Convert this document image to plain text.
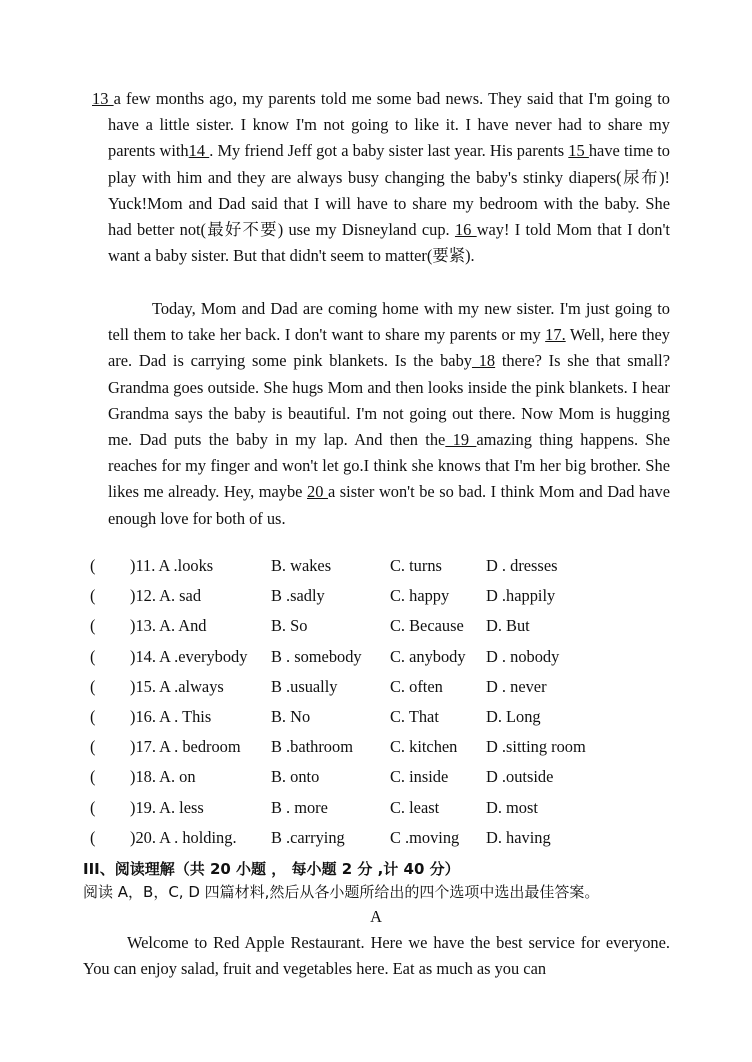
13 a few months ago, my parents told me some bad news. They said that I'm going to have a little sister. I know I'm not going to like it. I have never had to share my parents with14 . My friend Jeff got a baby sister last year. His parents 15 have time to play with him and they are always busy changing the baby's stinky diapers(尿布)! Yuck!Mom and Dad said that I will have to share my bedroom with the baby. She had better not(最好不要) use my Disneyland cup. 16 way! I told Mom that I don't want a baby sister. But that didn't seem to matter(要紧).

Today, Mom and Dad are coming home with my new sister. I'm just going to tell them to take her back. I don't want to share my parents or my 17. Well, here they are. Dad is carrying some pink blankets. Is the baby 18 there? Is she that small? Grandma goes outside. She hugs Mom and then looks inside the pink blankets. I hear Grandma says the baby is beautiful. I'm not going out there. Now Mom is hugging me. Dad puts the baby in my lap. And then the 19 amazing thing happens. She reaches for my finger and won't let go.I think she knows that I'm her big brother. She likes me already. Hey, maybe 20 a sister won't be so bad. I think Mom and Dad have enough love for both of us.

( )11. A .looks	B. wakes	C. turns	D . dresses
( )12. A. sad	B .sadly	C. happy D .happily
( )13. A. And	B. So	C. Because D. But
( )14. A .everybody B . somebody C. anybody D . nobody
( )15. A .always	B .usually	C. often	D . never
( )16. A . This	B. No	C. That	D. Long
( )17. A . bedroom B .bathroom C. kitchen D .sitting room
( )18. A. on	B. onto	C. inside D .outside
( )19. A. less	B . more	C. least	D. most
( )20. A . holding. B .carrying	C .moving D. having
III、阅读理解（共 20 小题 ， 每小题 2 分 ,计 40 分）
阅读 A，B，C, D 四篇材料,然后从各小题所给出的四个选项中选出最佳答案。
A

Welcome to Red Apple Restaurant. Here we have the best service for everyone. You can enjoy salad, fruit and vegetables here. Eat as much as you can
